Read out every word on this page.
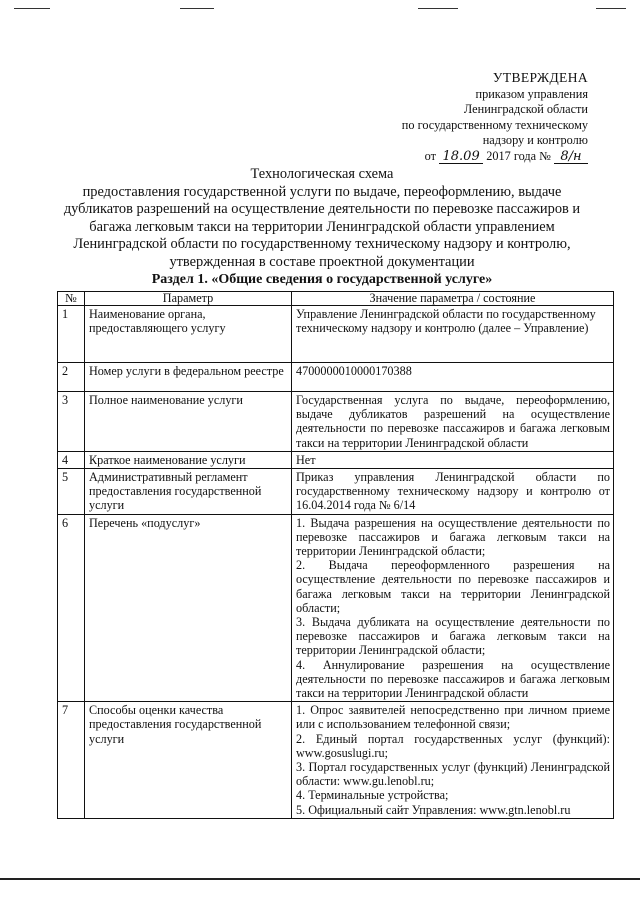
УТВЕРЖДЕНА
приказом управления
Ленинградской области
по государственному техническому
надзору и контролю
от 18.09 2017 года № 8/н
Технологическая схема
предоставления государственной услуги по выдаче, переоформлению, выдаче дубликатов разрешений на осуществление деятельности по перевозке пассажиров и багажа легковым такси на территории Ленинградской области управлением Ленинградской области по государственному техническому надзору и контролю, утвержденная в составе проектной документации
Раздел 1. «Общие сведения о государственной услуге»
№	Параметр	Значение параметра / состояние
1	Наименование органа, предоставляющего услугу	Управление Ленинградской области по государственному техническому надзору и контролю (далее – Управление)
2	Номер услуги в федеральном реестре	4700000010000170388
3	Полное наименование услуги	Государственная услуга по выдаче, переоформлению, выдаче дубликатов разрешений на осуществление деятельности по перевозке пассажиров и багажа легковым такси на территории Ленинградской области
4	Краткое наименование услуги	Нет
5	Административный регламент предоставления государственной услуги	Приказ управления Ленинградской области по государственному техническому надзору и контролю от 16.04.2014 года № 6/14
6	Перечень «подуслуг»	1. Выдача разрешения на осуществление деятельности по перевозке пассажиров и багажа легковым такси на территории Ленинградской области;
2. Выдача переоформленного разрешения на осуществление деятельности по перевозке пассажиров и багажа легковым такси на территории Ленинградской области;
3. Выдача дубликата на осуществление деятельности по перевозке пассажиров и багажа легковым такси на территории Ленинградской области;
4. Аннулирование разрешения на осуществление деятельности по перевозке пассажиров и багажа легковым такси на территории Ленинградской области

7	Способы оценки качества предоставления государственной услуги	1. Опрос заявителей непосредственно при личном приеме или с использованием телефонной связи;
2. Единый портал государственных услуг (функций): www.gosuslugi.ru;
3. Портал государственных услуг (функций) Ленинградской области: www.gu.lenobl.ru;
4. Терминальные устройства;
5. Официальный сайт Управления: www.gtn.lenobl.ru
